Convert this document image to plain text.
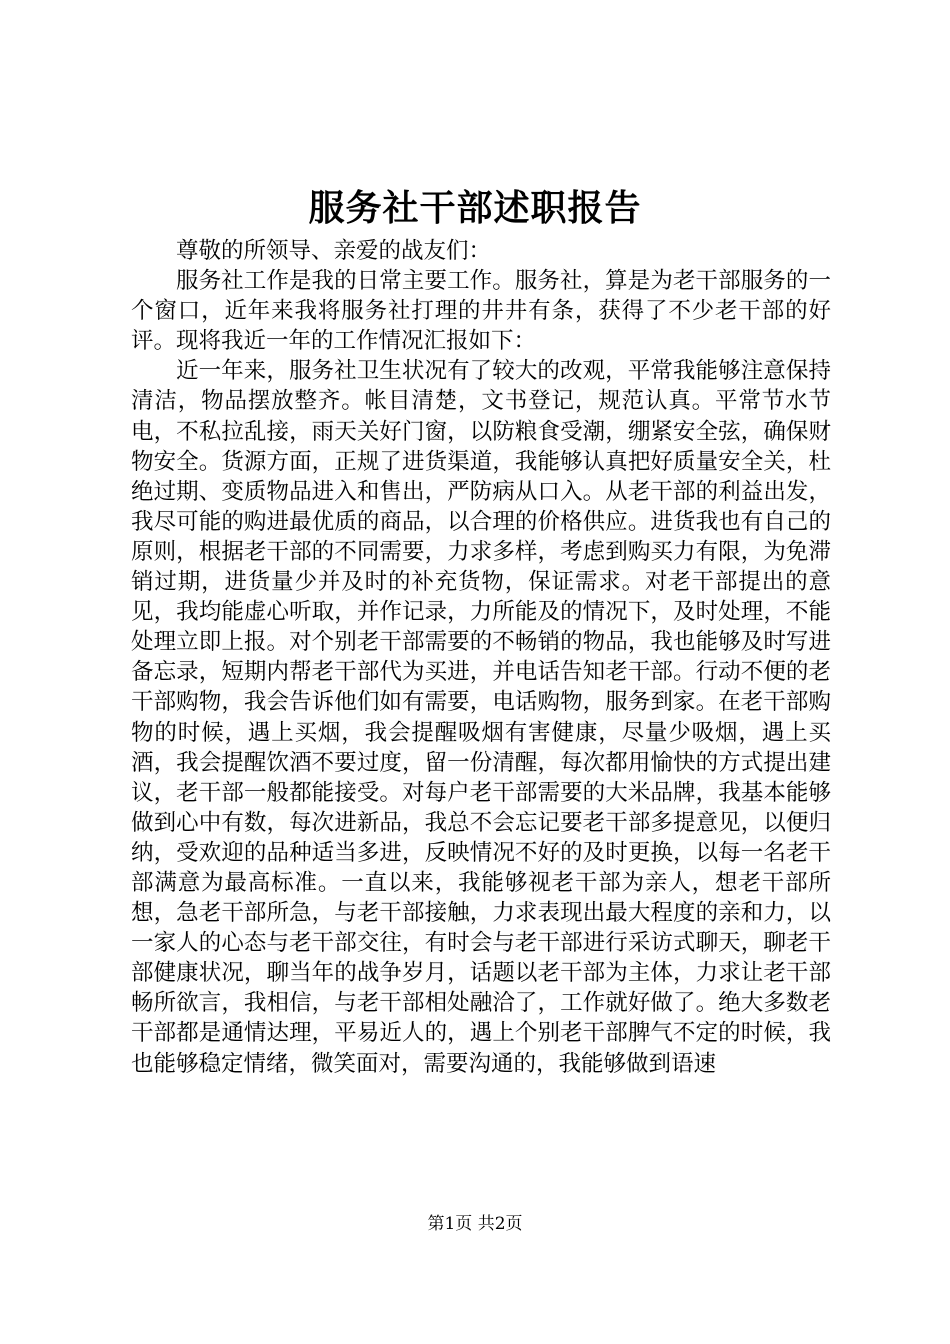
服务社干部述职报告

尊敬的所领导、亲爱的战友们：

服务社工作是我的日常主要工作。服务社，算是为老干部服务的一个窗口，近年来我将服务社打理的井井有条，获得了不少老干部的好评。现将我近一年的工作情况汇报如下：

近一年来，服务社卫生状况有了较大的改观，平常我能够注意保持清洁，物品摆放整齐。帐目清楚，文书登记，规范认真。平常节水节电，不私拉乱接，雨天关好门窗，以防粮食受潮，绷紧安全弦，确保财物安全。货源方面，正规了进货渠道，我能够认真把好质量安全关，杜绝过期、变质物品进入和售出，严防病从口入。从老干部的利益出发，我尽可能的购进最优质的商品，以合理的价格供应。进货我也有自己的原则，根据老干部的不同需要，力求多样，考虑到购买力有限，为免滞销过期，进货量少并及时的补充货物，保证需求。对老干部提出的意见，我均能虚心听取，并作记录，力所能及的情况下，及时处理，不能处理立即上报。对个别老干部需要的不畅销的物品，我也能够及时写进备忘录，短期内帮老干部代为买进，并电话告知老干部。行动不便的老干部购物，我会告诉他们如有需要，电话购物，服务到家。在老干部购物的时候，遇上买烟，我会提醒吸烟有害健康，尽量少吸烟，遇上买酒，我会提醒饮酒不要过度，留一份清醒，每次都用愉快的方式提出建议，老干部一般都能接受。对每户老干部需要的大米品牌，我基本能够做到心中有数，每次进新品，我总不会忘记要老干部多提意见，以便归纳，受欢迎的品种适当多进，反映情况不好的及时更换，以每一名老干部满意为最高标准。一直以来，我能够视老干部为亲人，想老干部所想，急老干部所急，与老干部接触，力求表现出最大程度的亲和力，以一家人的心态与老干部交往，有时会与老干部进行采访式聊天，聊老干部健康状况，聊当年的战争岁月，话题以老干部为主体，力求让老干部畅所欲言，我相信，与老干部相处融洽了，工作就好做了。绝大多数老干部都是通情达理，平易近人的，遇上个别老干部脾气不定的时候，我也能够稳定情绪，微笑面对，需要沟通的，我能够做到语速

第1页 共2页
